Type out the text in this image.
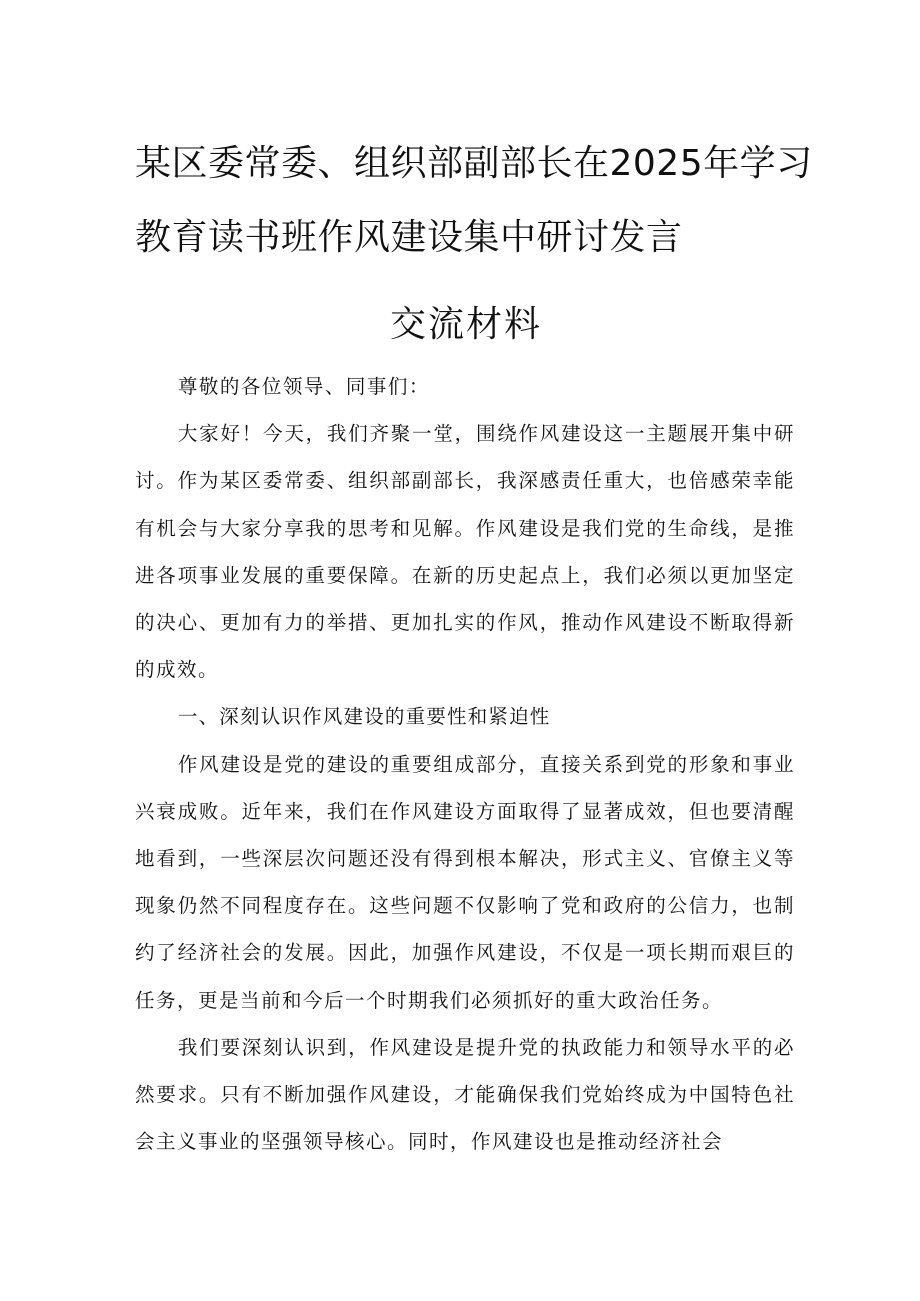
某区委常委、组织部副部长在2025年学习
教育读书班作风建设集中研讨发言
交流材料

尊敬的各位领导、同事们：

大家好！今天，我们齐聚一堂，围绕作风建设这一主题展开集中研讨。作为某区委常委、组织部副部长，我深感责任重大，也倍感荣幸能有机会与大家分享我的思考和见解。作风建设是我们党的生命线，是推进各项事业发展的重要保障。在新的历史起点上，我们必须以更加坚定的决心、更加有力的举措、更加扎实的作风，推动作风建设不断取得新的成效。

一、深刻认识作风建设的重要性和紧迫性

作风建设是党的建设的重要组成部分，直接关系到党的形象和事业兴衰成败。近年来，我们在作风建设方面取得了显著成效，但也要清醒地看到，一些深层次问题还没有得到根本解决，形式主义、官僚主义等现象仍然不同程度存在。这些问题不仅影响了党和政府的公信力，也制约了经济社会的发展。因此，加强作风建设，不仅是一项长期而艰巨的任务，更是当前和今后一个时期我们必须抓好的重大政治任务。

我们要深刻认识到，作风建设是提升党的执政能力和领导水平的必然要求。只有不断加强作风建设，才能确保我们党始终成为中国特色社会主义事业的坚强领导核心。同时，作风建设也是推动经济社会
